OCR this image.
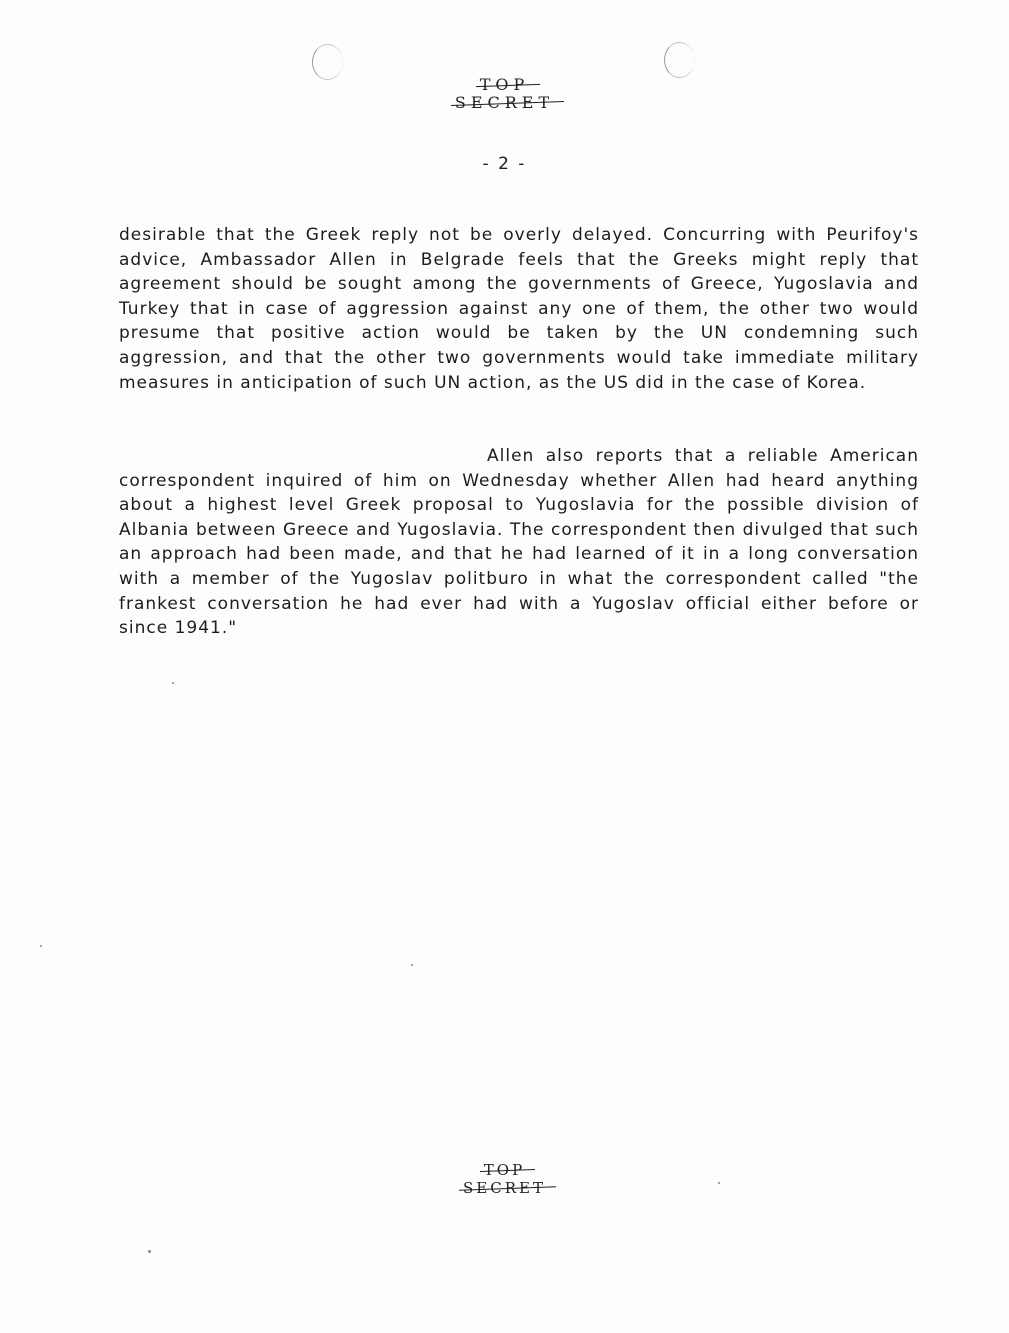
TOP
SECRET
- 2 -

desirable that the Greek reply not be overly delayed. Concurring with Peurifoy's advice, Ambassador Allen in Belgrade feels that the Greeks might reply that agreement should be sought among the governments of Greece, Yugoslavia and Turkey that in case of aggression against any one of them, the other two would presume that positive action would be taken by the UN condemning such aggression, and that the other two governments would take immediate military measures in anticipation of such UN action, as the US did in the case of Korea.

Allen also reports that a reliable American correspondent inquired of him on Wednesday whether Allen had heard anything about a highest level Greek proposal to Yugoslavia for the possible division of Albania between Greece and Yugoslavia. The correspondent then divulged that such an approach had been made, and that he had learned of it in a long conversation with a member of the Yugoslav politburo in what the correspondent called "the frankest conversation he had ever had with a Yugoslav official either before or since 1941."

TOP
SECRET
